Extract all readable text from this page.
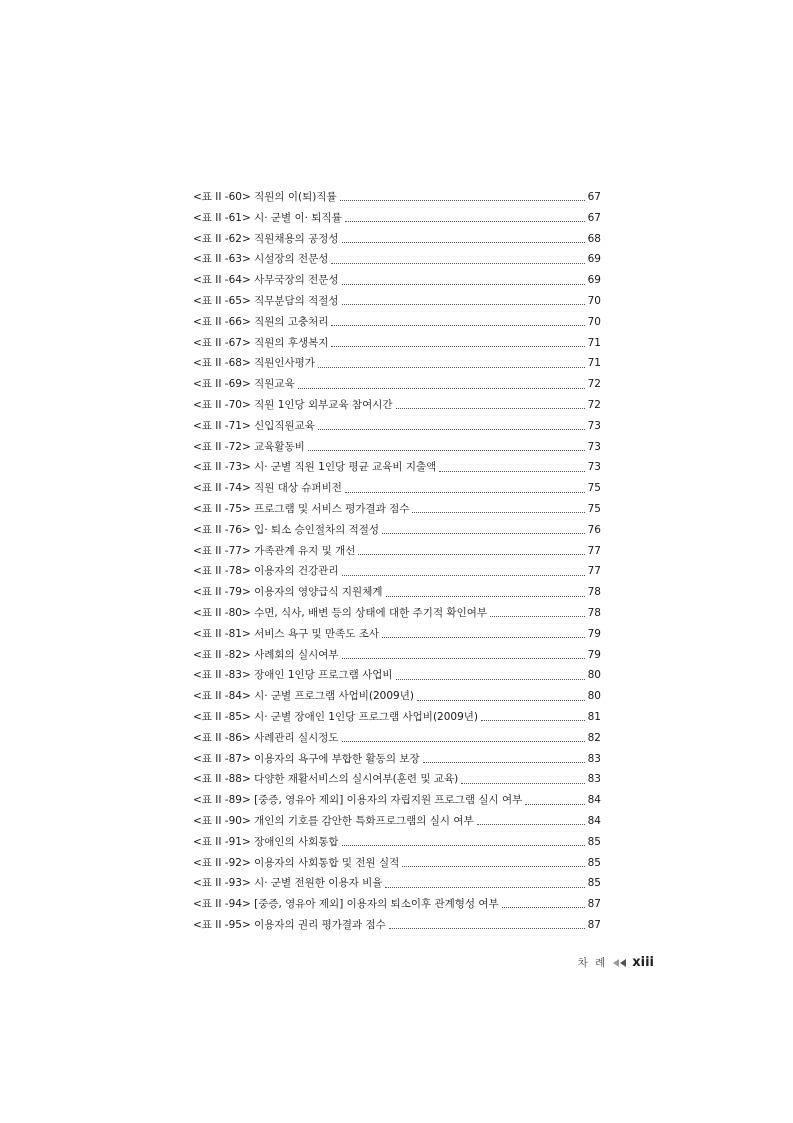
<표 II -60> 직원의 이(퇴)직률	67
<표 II -61> 시· 군별 이· 퇴직률	67
<표 II -62> 직원채용의 공정성	68
<표 II -63> 시설장의 전문성	69
<표 II -64> 사무국장의 전문성	69
<표 II -65> 직무분담의 적절성	70
<표 II -66> 직원의 고충처리	70
<표 II -67> 직원의 후생복지	71
<표 II -68> 직원인사평가	71
<표 II -69> 직원교육	72
<표 II -70> 직원 1인당 외부교육 참여시간	72
<표 II -71> 신입직원교육	73
<표 II -72> 교육활동비	73
<표 II -73> 시· 군별 직원 1인당 평균 교육비 지출액	73
<표 II -74> 직원 대상 슈퍼비전	75
<표 II -75> 프로그램 및 서비스 평가결과 점수	75
<표 II -76> 입· 퇴소 승인절차의 적절성	76
<표 II -77> 가족관계 유지 및 개선	77
<표 II -78> 이용자의 건강관리	77
<표 II -79> 이용자의 영양급식 지원체계	78
<표 II -80> 수면, 식사, 배변 등의 상태에 대한 주기적 확인여부	78
<표 II -81> 서비스 욕구 및 만족도 조사	79
<표 II -82> 사례회의 실시여부	79
<표 II -83> 장애인 1인당 프로그램 사업비	80
<표 II -84> 시· 군별 프로그램 사업비(2009년)	80
<표 II -85> 시· 군별 장애인 1인당 프로그램 사업비(2009년)	81
<표 II -86> 사례관리 실시정도	82
<표 II -87> 이용자의 욕구에 부합한 활동의 보장	83
<표 II -88> 다양한 재활서비스의 실시여부(훈련 및 교육)	83
<표 II -89> [중증, 영유아 제외] 이용자의 자립지원 프로그램 실시 여부	84
<표 II -90> 개인의 기호를 감안한 특화프로그램의 실시 여부	84
<표 II -91> 장애인의 사회통합	85
<표 II -92> 이용자의 사회통합 및 전원 실적	85
<표 II -93> 시· 군별 전원한 이용자 비율	85
<표 II -94> [중증, 영유아 제외] 이용자의 퇴소이후 관계형성 여부	87
<표 II -95> 이용자의 권리 평가결과 점수	87
차 례 xiii
